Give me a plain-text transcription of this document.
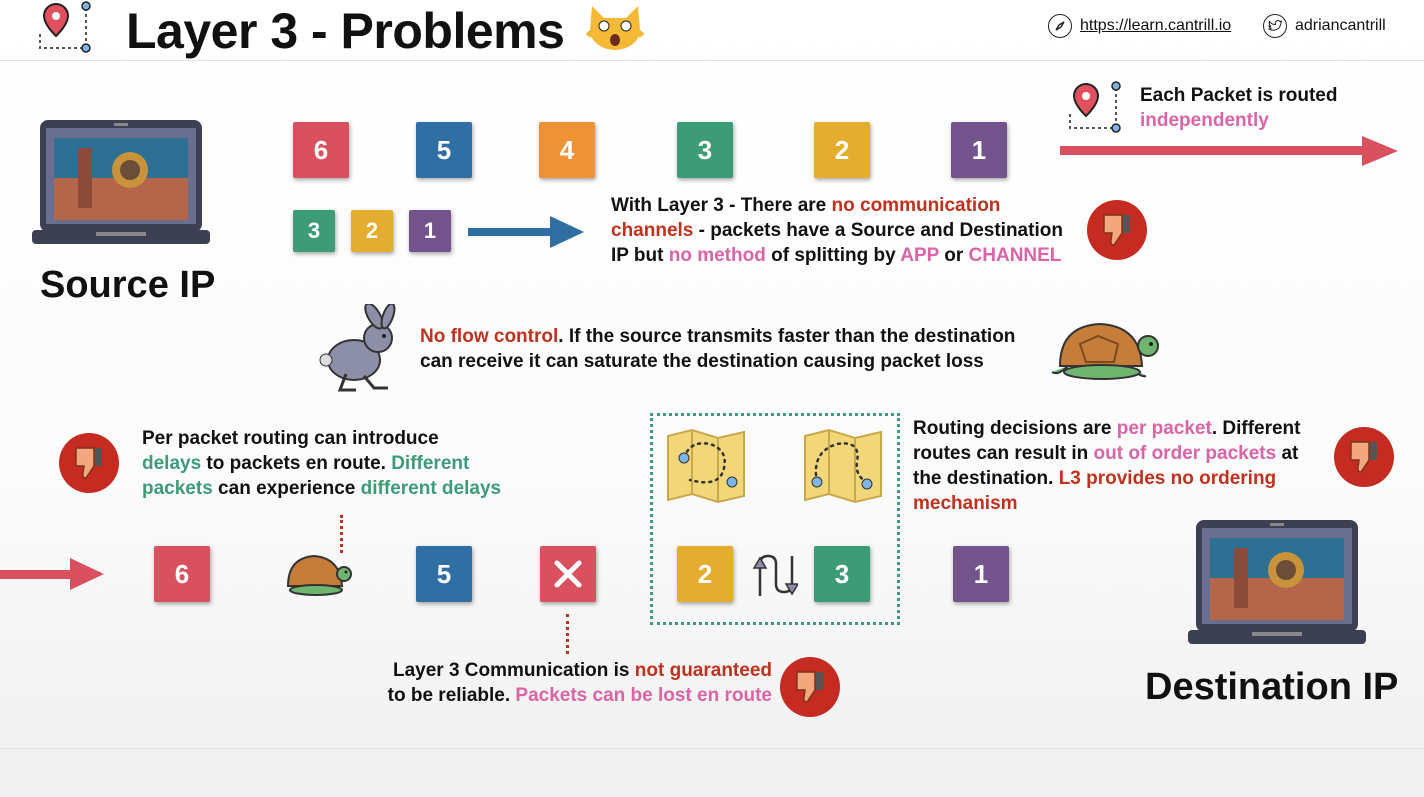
Layer 3 - Problems	https://learn.cantrill.io	adriancantrill
Source IP
6	5	4	3	2	1
Each Packet is routed
independently
3	2	1
With Layer 3 - There are no communication
channels - packets have a Source and Destination
IP but no method of splitting by APP or CHANNEL
No flow control. If the source transmits faster than the destination
can receive it can saturate the destination causing packet loss
Per packet routing can introduce
delays to packets en route. Different
packets can experience different delays
Routing decisions are per packet. Different
routes can result in out of order packets at
the destination. L3 provides no ordering
mechanism
6	5	2	3	1
Destination IP
Layer 3 Communication is not guaranteed
to be reliable. Packets can be lost en route
